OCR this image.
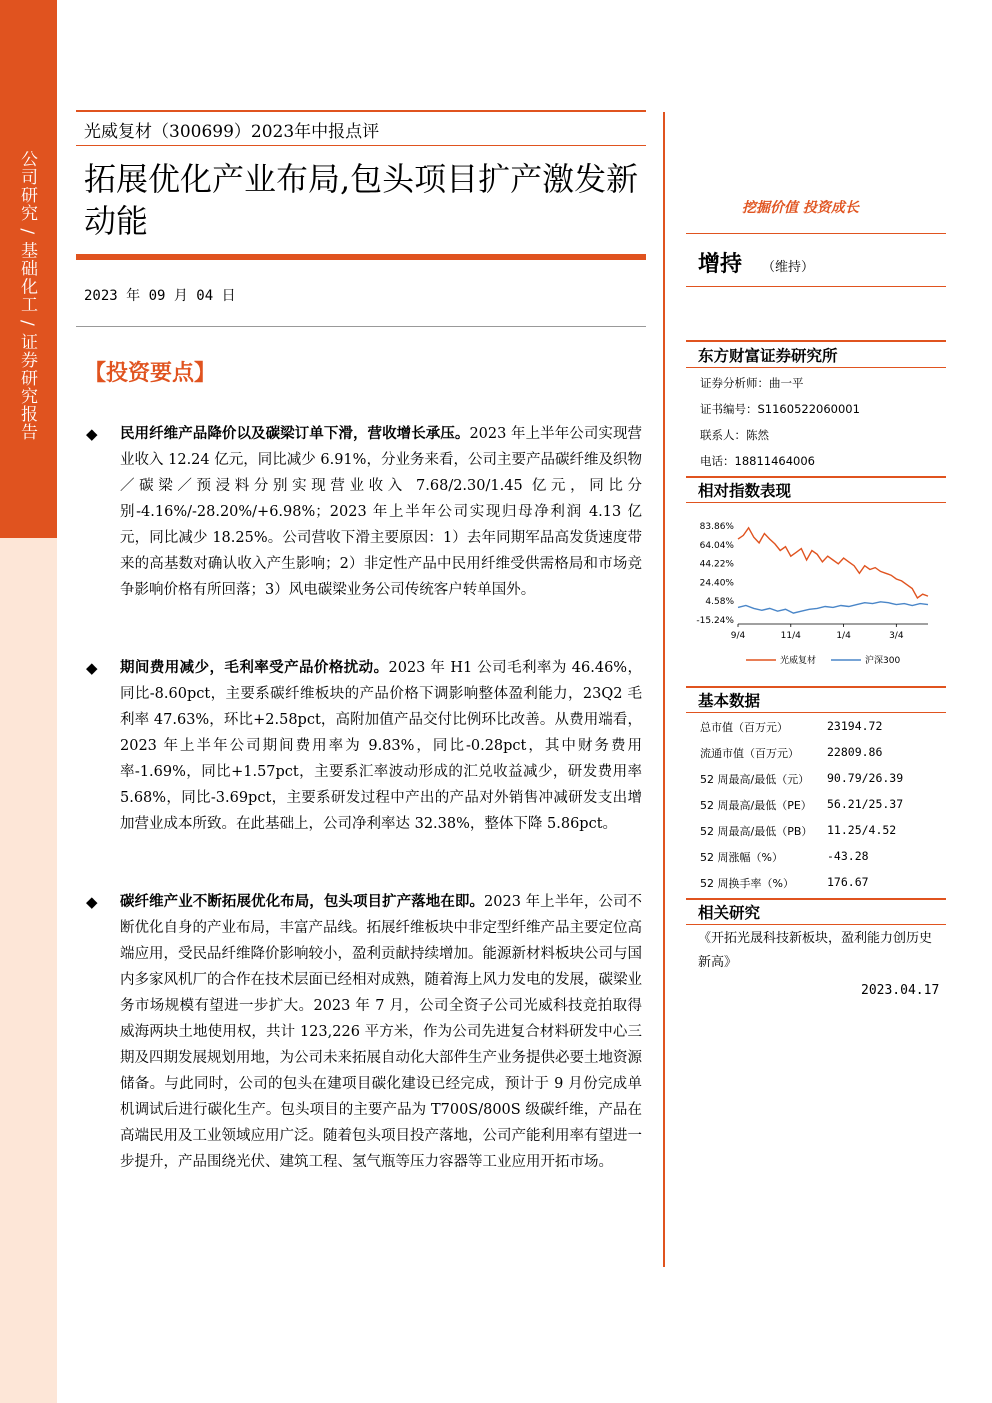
公司研究 / 基础化工 / 证券研究报告
光威复材（300699）2023年中报点评
拓展优化产业布局,包头项目扩产激发新动能
2023 年 09 月 04 日
【投资要点】
◆ 民用纤维产品降价以及碳梁订单下滑，营收增长承压。2023 年上半年公司实现营业收入 12.24 亿元，同比减少 6.91%，分业务来看，公司主要产品碳纤维及织物／碳梁／预浸料分别实现营业收入 7.68/2.30/1.45 亿元，同比分别-4.16%/-28.20%/+6.98%；2023 年上半年公司实现归母净利润 4.13 亿元，同比减少 18.25%。公司营收下滑主要原因：1）去年同期军品高发货速度带来的高基数对确认收入产生影响；2）非定性产品中民用纤维受供需格局和市场竞争影响价格有所回落；3）风电碳梁业务公司传统客户转单国外。
◆ 期间费用减少，毛利率受产品价格扰动。2023 年 H1 公司毛利率为 46.46%，同比-8.60pct，主要系碳纤维板块的产品价格下调影响整体盈利能力，23Q2 毛利率 47.63%，环比+2.58pct，高附加值产品交付比例环比改善。从费用端看，2023 年上半年公司期间费用率为 9.83%，同比-0.28pct，其中财务费用率-1.69%，同比+1.57pct，主要系汇率波动形成的汇兑收益减少，研发费用率 5.68%，同比-3.69pct，主要系研发过程中产出的产品对外销售冲减研发支出增加营业成本所致。在此基础上，公司净利率达 32.38%，整体下降 5.86pct。
◆ 碳纤维产业不断拓展优化布局，包头项目扩产落地在即。2023 年上半年，公司不断优化自身的产业布局，丰富产品线。拓展纤维板块中非定型纤维产品主要定位高端应用，受民品纤维降价影响较小，盈利贡献持续增加。能源新材料板块公司与国内多家风机厂的合作在技术层面已经相对成熟，随着海上风力发电的发展，碳梁业务市场规模有望进一步扩大。2023 年 7 月，公司全资子公司光威科技竞拍取得威海两块土地使用权，共计 123,226 平方米，作为公司先进复合材料研发中心三期及四期发展规划用地，为公司未来拓展自动化大部件生产业务提供必要土地资源储备。与此同时，公司的包头在建项目碳化建设已经完成，预计于 9 月份完成单机调试后进行碳化生产。包头项目的主要产品为 T700S/800S 级碳纤维，产品在高端民用及工业领域应用广泛。随着包头项目投产落地，公司产能利用率有望进一步提升，产品围绕光伏、建筑工程、氢气瓶等压力容器等工业应用开拓市场。
挖掘价值 投资成长
增持 （维持）
东方财富证券研究所
证券分析师：曲一平
证书编号：S1160522060001
联系人：陈然
电话：18811464006
相对指数表现
83.86%
64.04%
44.22%
24.40%
4.58%
-15.24%
9/4	11/4	1/4	3/4
光威复材	沪深300
基本数据
总市值（百万元）	23194.72
流通市值（百万元） 22809.86
52 周最高/最低（元） 90.79/26.39
52 周最高/最低（PE） 56.21/25.37
52 周最高/最低（PB） 11.25/4.52
52 周涨幅（%）	-43.28
52 周换手率（%）	176.67
相关研究
《开拓光晟科技新板块，盈利能力创历史新高》
2023.04.17
